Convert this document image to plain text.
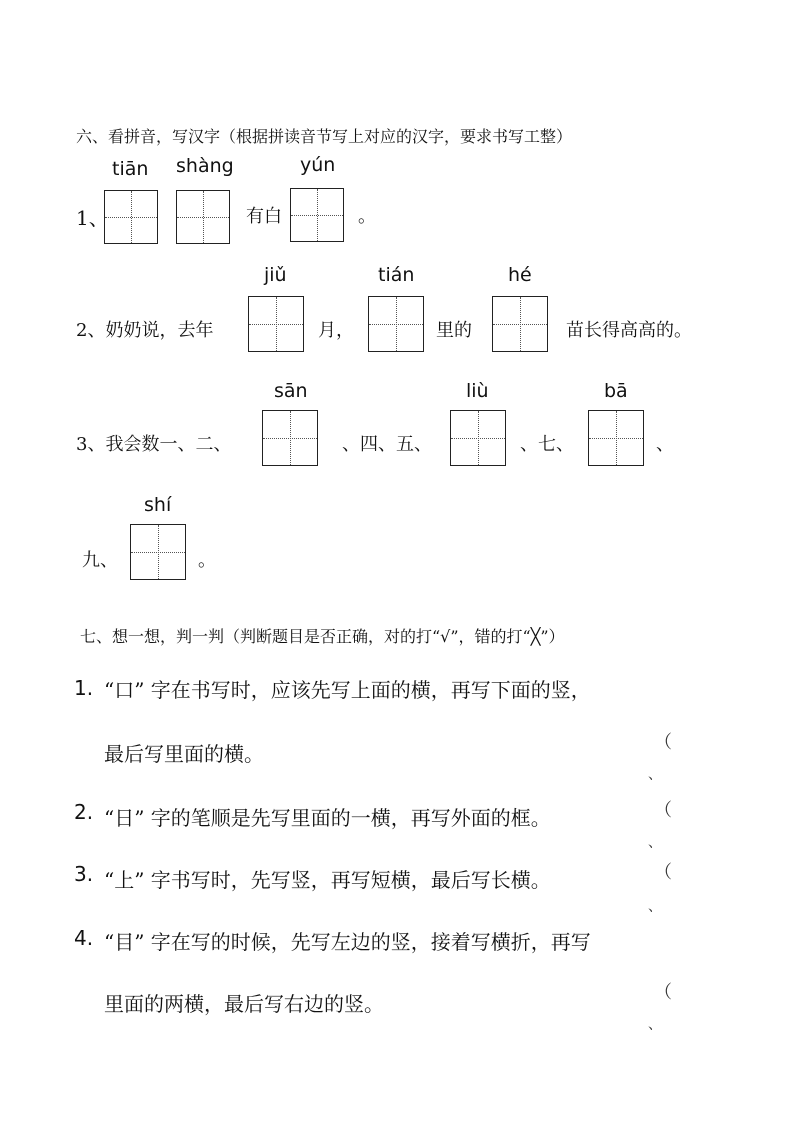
六、看拼音，写汉字（根据拼读音节写上对应的汉字，要求书写工整）
tiān shàng	yún
1、	有白	。
jiǔ	tián	hé
2、奶奶说，去年	月，	里的	苗长得高高的。
sān	liù	bā
3、我会数一、二、	、四、五、	、七、	、
shí
九、	。
七、想一想，判一判（判断题目是否正确，对的打“√”，错的打“╳”）
1. “口” 字在书写时，应该先写上面的横，再写下面的竖，
最后写里面的横。	（
、
2. “日” 字的笔顺是先写里面的一横，再写外面的框。	（
、
3. “上” 字书写时，先写竖，再写短横，最后写长横。	（
、
4. “目” 字在写的时候，先写左边的竖，接着写横折，再写
里面的两横，最后写右边的竖。	（
、
